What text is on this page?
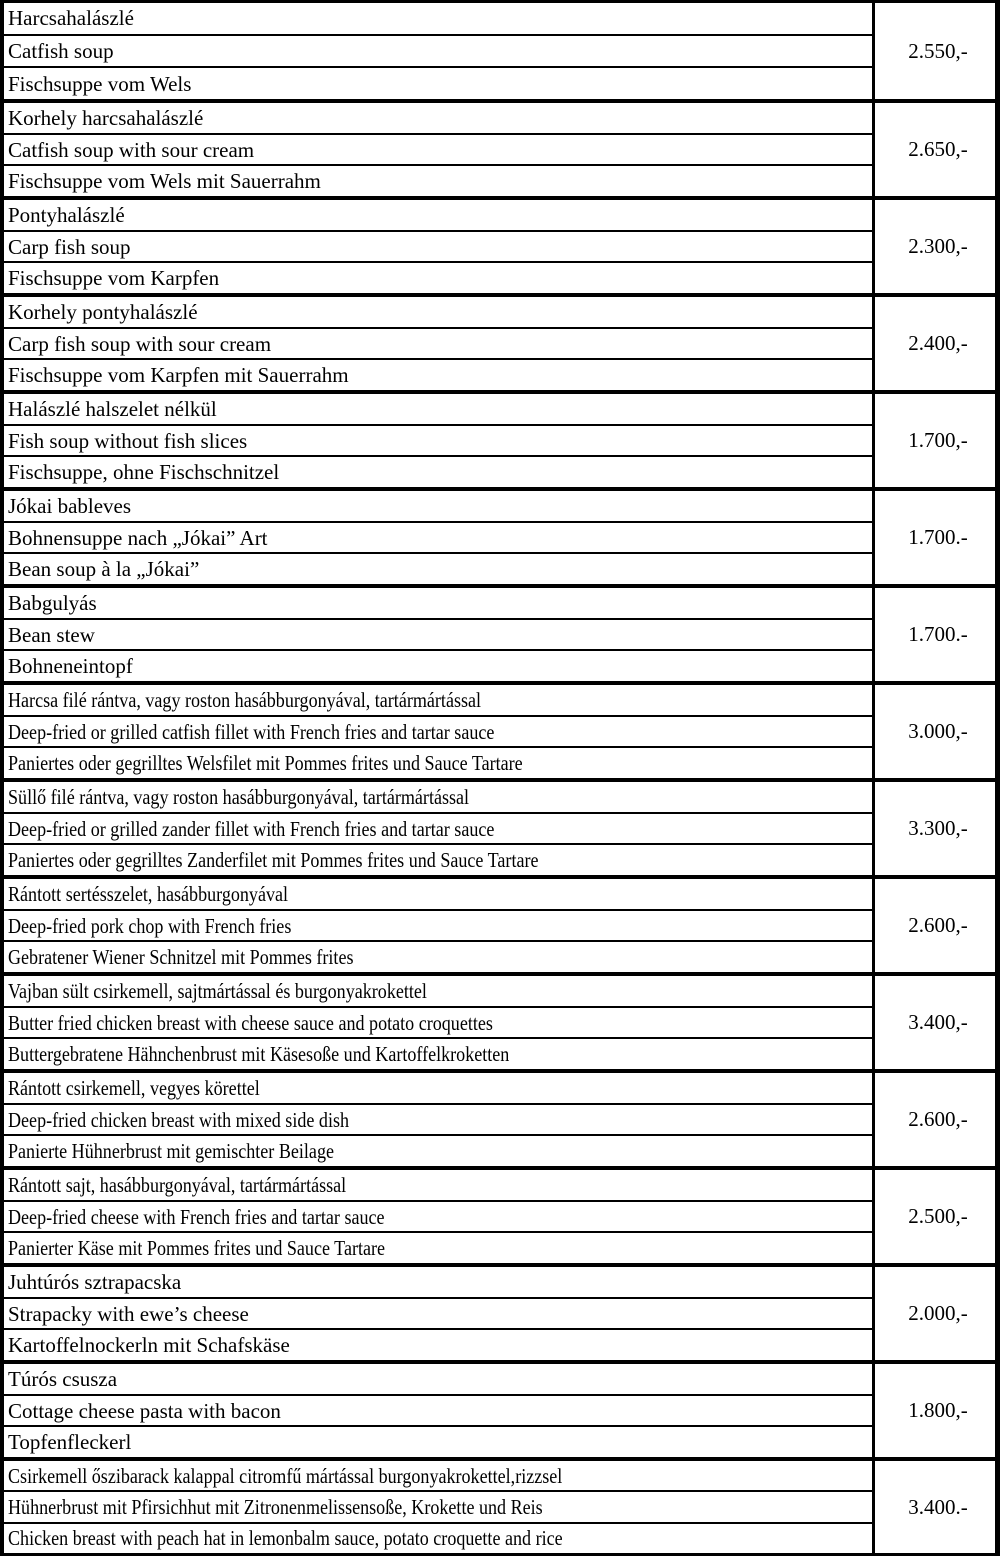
Harcsahalászlé
Catfish soup
Fischsuppe vom Wels
2.550,-
Korhely harcsahalászlé
Catfish soup with sour cream
Fischsuppe vom Wels mit Sauerrahm
2.650,-
Pontyhalászlé
Carp fish soup
Fischsuppe vom Karpfen
2.300,-
Korhely pontyhalászlé
Carp fish soup with sour cream
Fischsuppe vom Karpfen mit Sauerrahm
2.400,-
Halászlé halszelet nélkül
Fish soup without fish slices
Fischsuppe, ohne Fischschnitzel
1.700,-
Jókai bableves
Bohnensuppe nach „Jókai” Art
Bean soup à la „Jókai”
1.700.-
Babgulyás
Bean stew
Bohneneintopf
1.700.-
Harcsa filé rántva, vagy roston hasábburgonyával, tartármártással
Deep-fried or grilled catfish fillet with French fries and tartar sauce
Paniertes oder gegrilltes Welsfilet mit Pommes frites und Sauce Tartare
3.000,-
Süllő filé rántva, vagy roston hasábburgonyával, tartármártással
Deep-fried or grilled zander fillet with French fries and tartar sauce
Paniertes oder gegrilltes Zanderfilet mit Pommes frites und Sauce Tartare
3.300,-
Rántott sertésszelet, hasábburgonyával
Deep-fried pork chop with French fries
Gebratener Wiener Schnitzel mit Pommes frites
2.600,-
Vajban sült csirkemell, sajtmártással és burgonyakrokettel
Butter fried chicken breast with cheese sauce and potato croquettes
Buttergebratene Hähnchenbrust mit Käsesoße und Kartoffelkroketten
3.400,-
Rántott csirkemell, vegyes körettel
Deep-fried chicken breast with mixed side dish
Panierte Hühnerbrust mit gemischter Beilage
2.600,-
Rántott sajt, hasábburgonyával, tartármártással
Deep-fried cheese with French fries and tartar sauce
Panierter Käse mit Pommes frites und Sauce Tartare
2.500,-
Juhtúrós sztrapacska
Strapacky with ewe’s cheese
Kartoffelnockerln mit Schafskäse
2.000,-
Túrós csusza
Cottage cheese pasta with bacon
Topfenfleckerl
1.800,-
Csirkemell őszibarack kalappal citromfű mártással burgonyakrokettel,rizzsel
Hühnerbrust mit Pfirsichhut mit Zitronenmelissensoße, Krokette und Reis
Chicken breast with peach hat in lemonbalm sauce, potato croquette and rice
3.400.-
